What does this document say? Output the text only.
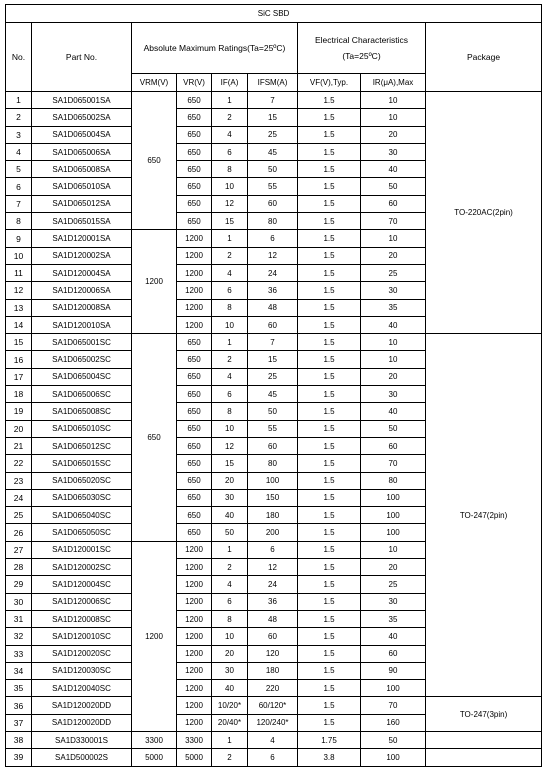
SiC SBD								
No.	Part No.	Absolute Maximum Ratings(Ta=25ºC)				Electrical Characteristics
(Ta=25ºC)		Package
		VRM(V)	VR(V)	IF(A)	IFSM(A)	VF(V),Typ.	IR(μA),Max	
1	SA1D065001SA	650	650	1	7	1.5	10	TO-220AC(2pin)
2	SA1D065002SA		650	2	15	1.5	10	
3	SA1D065004SA		650	4	25	1.5	20	
4	SA1D065006SA		650	6	45	1.5	30	
5	SA1D065008SA		650	8	50	1.5	40	
6	SA1D065010SA		650	10	55	1.5	50	
7	SA1D065012SA		650	12	60	1.5	60	
8	SA1D065015SA		650	15	80	1.5	70	
9	SA1D120001SA	1200	1200	1	6	1.5	10	
10	SA1D120002SA		1200	2	12	1.5	20	
11	SA1D120004SA		1200	4	24	1.5	25	
12	SA1D120006SA		1200	6	36	1.5	30	
13	SA1D120008SA		1200	8	48	1.5	35	
14	SA1D120010SA		1200	10	60	1.5	40	
15	SA1D065001SC	650	650	1	7	1.5	10	TO-247(2pin)
16	SA1D065002SC		650	2	15	1.5	10	
17	SA1D065004SC		650	4	25	1.5	20	
18	SA1D065006SC		650	6	45	1.5	30	
19	SA1D065008SC		650	8	50	1.5	40	
20	SA1D065010SC		650	10	55	1.5	50	
21	SA1D065012SC		650	12	60	1.5	60	
22	SA1D065015SC		650	15	80	1.5	70	
23	SA1D065020SC		650	20	100	1.5	80	
24	SA1D065030SC		650	30	150	1.5	100	
25	SA1D065040SC		650	40	180	1.5	100	
26	SA1D065050SC		650	50	200	1.5	100	
27	SA1D120001SC	1200	1200	1	6	1.5	10	
28	SA1D120002SC		1200	2	12	1.5	20	
29	SA1D120004SC		1200	4	24	1.5	25	
30	SA1D120006SC		1200	6	36	1.5	30	
31	SA1D120008SC		1200	8	48	1.5	35	
32	SA1D120010SC		1200	10	60	1.5	40	
33	SA1D120020SC		1200	20	120	1.5	60	
34	SA1D120030SC		1200	30	180	1.5	90	
35	SA1D120040SC		1200	40	220	1.5	100	
36	SA1D120020DD		1200	10/20*	60/120*	1.5	70	TO-247(3pin)
37	SA1D120020DD		1200	20/40*	120/240*	1.5	160	
38	SA1D330001S	3300	3300	1	4	1.75	50	
39	SA1D500002S	5000	5000	2	6	3.8	100	
